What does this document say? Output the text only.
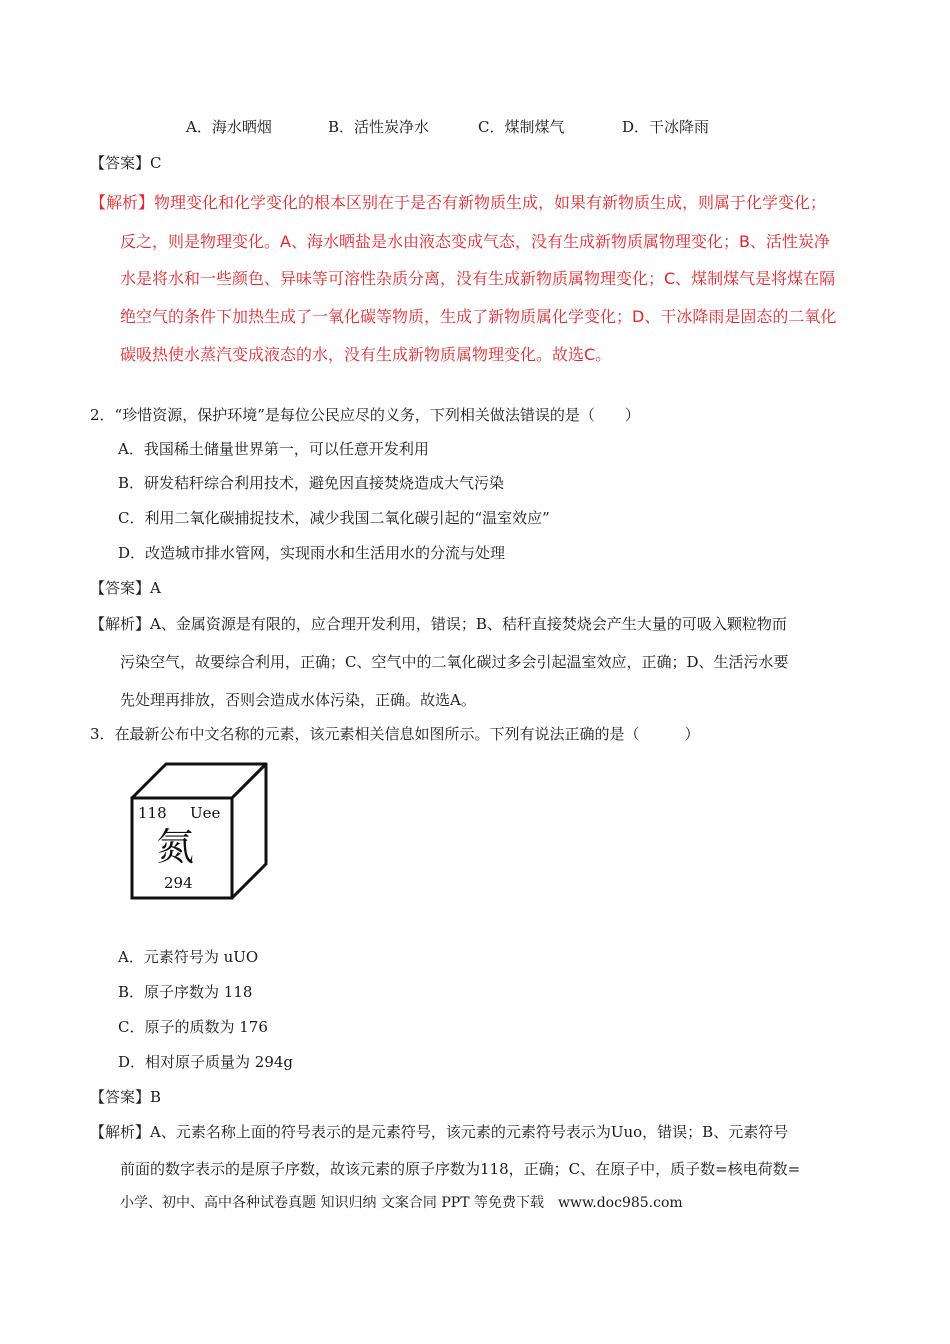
A．海水晒烟	B．活性炭净水	C．煤制煤气	D．干冰降雨
【答案】C
【解析】物理变化和化学变化的根本区别在于是否有新物质生成，如果有新物质生成，则属于化学变化；
反之，则是物理变化。A、海水晒盐是水由液态变成气态，没有生成新物质属物理变化；B、活性炭净
水是将水和一些颜色、异味等可溶性杂质分离，没有生成新物质属物理变化；C、煤制煤气是将煤在隔
绝空气的条件下加热生成了一氧化碳等物质，生成了新物质属化学变化；D、干冰降雨是固态的二氧化
碳吸热使水蒸汽变成液态的水，没有生成新物质属物理变化。故选C。
2．“珍惜资源，保护环境”是每位公民应尽的义务，下列相关做法错误的是（　　）
A．我国稀土储量世界第一，可以任意开发利用
B．研发秸秆综合利用技术，避免因直接焚烧造成大气污染
C．利用二氧化碳捕捉技术，减少我国二氧化碳引起的“温室效应”
D．改造城市排水管网，实现雨水和生活用水的分流与处理
【答案】A
【解析】A、金属资源是有限的，应合理开发利用，错误；B、秸秆直接焚烧会产生大量的可吸入颗粒物而
污染空气，故要综合利用，正确；C、空气中的二氧化碳过多会引起温室效应，正确；D、生活污水要
先处理再排放，否则会造成水体污染，正确。故选A。
3．在最新公布中文名称的元素，该元素相关信息如图所示。下列有说法正确的是（　　　）
118 Uee
氮
294
A．元素符号为 uUO
B．原子序数为 118
C．原子的质数为 176
D．相对原子质量为 294g
【答案】B
【解析】A、元素名称上面的符号表示的是元素符号，该元素的元素符号表示为Uuo，错误；B、元素符号
前面的数字表示的是原子序数，故该元素的原子序数为118，正确；C、在原子中，质子数=核电荷数=
小学、初中、高中各种试卷真题 知识归纳 文案合同 PPT 等免费下载　www.doc985.com
